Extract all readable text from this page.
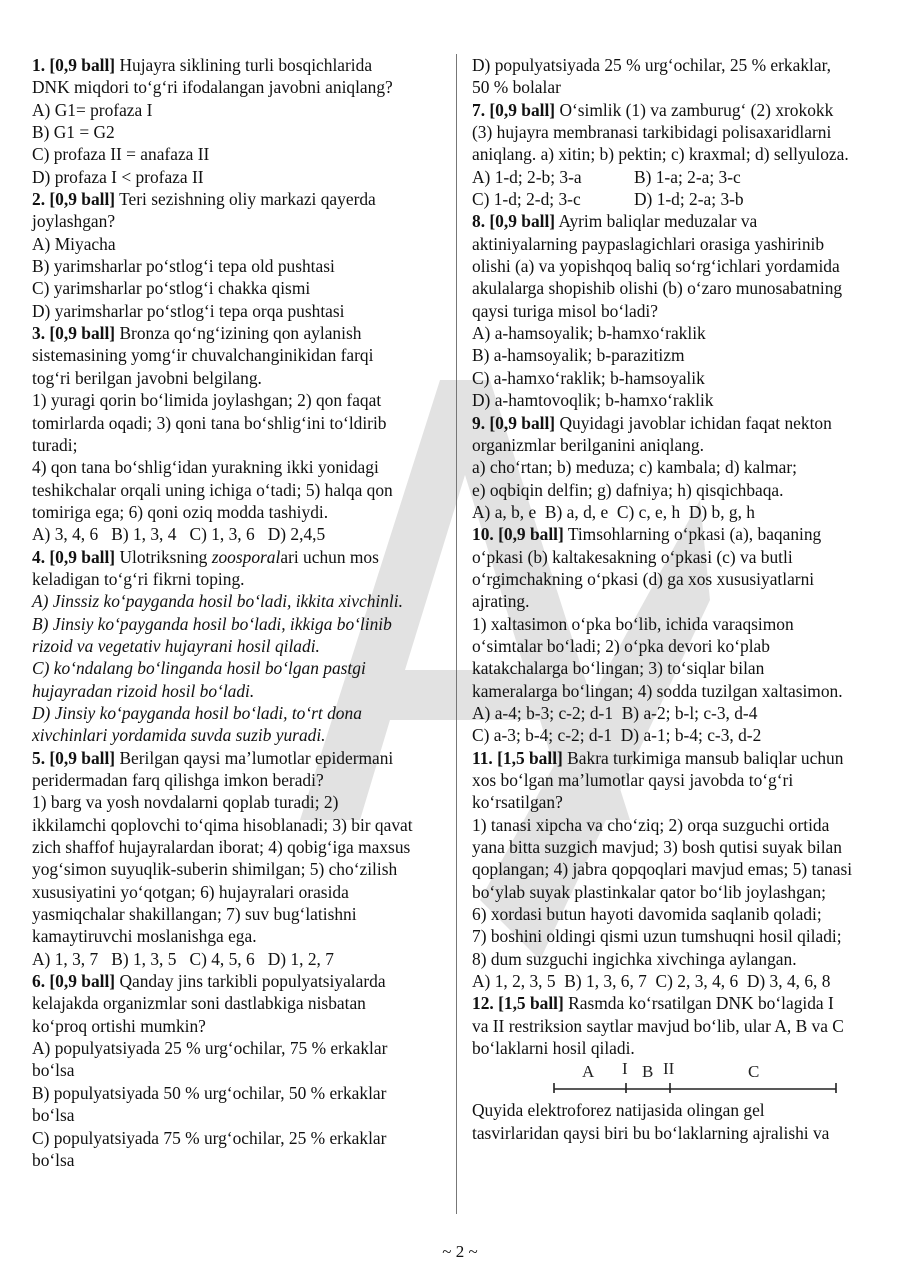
1. [0,9 ball] Hujayra siklining turli bosqichlarida
DNK miqdori to‘g‘ri ifodalangan javobni aniqlang?
A) G1= profaza I
B) G1 = G2
C) profaza II = anafaza II
D) profaza I < profaza II
2. [0,9 ball] Teri sezishning oliy markazi qayerda
joylashgan?
A) Miyacha
B) yarimsharlar po‘stlog‘i tepa old pushtasi
C) yarimsharlar po‘stlog‘i chakka qismi
D) yarimsharlar po‘stlog‘i tepa orqa pushtasi
3. [0,9 ball] Bronza qo‘ng‘izining qon aylanish
sistemasining yomg‘ir chuvalchanginikidan farqi
tog‘ri berilgan javobni belgilang.
1) yuragi qorin bo‘limida joylashgan; 2) qon faqat
tomirlarda oqadi; 3) qoni tana bo‘shlig‘ini to‘ldirib
turadi;
4) qon tana bo‘shlig‘idan yurakning ikki yonidagi
teshikchalar orqali uning ichiga o‘tadi; 5) halqa qon
tomiriga ega; 6) qoni oziq modda tashiydi.
A) 3, 4, 6   B) 1, 3, 4   C) 1, 3, 6   D) 2,4,5
4. [0,9 ball] Ulotriksning zoosporalari uchun mos
keladigan to‘g‘ri fikrni toping.
A) Jinssiz ko‘payganda hosil bo‘ladi, ikkita xivchinli.
B) Jinsiy ko‘payganda hosil bo‘ladi, ikkiga bo‘linib
rizoid va vegetativ hujayrani hosil qiladi.
C) ko‘ndalang bo‘linganda hosil bo‘lgan pastgi
hujayradan rizoid hosil bo‘ladi.
D) Jinsiy ko‘payganda hosil bo‘ladi, to‘rt dona
xivchinlari yordamida suvda suzib yuradi.
5. [0,9 ball] Berilgan qaysi ma’lumotlar epidermani
peridermadan farq qilishga imkon beradi?
1) barg va yosh novdalarni qoplab turadi; 2)
ikkilamchi qoplovchi to‘qima hisoblanadi; 3) bir qavat
zich shaffof hujayralardan iborat; 4) qobig‘iga maxsus
yog‘simon suyuqlik-suberin shimilgan; 5) cho‘zilish
xususiyatini yo‘qotgan; 6) hujayralari orasida
yasmiqchalar shakillangan; 7) suv bug‘latishni
kamaytiruvchi moslanishga ega.
A) 1, 3, 7   B) 1, 3, 5   C) 4, 5, 6   D) 1, 2, 7
6. [0,9 ball] Qanday jins tarkibli populyatsiyalarda
kelajakda organizmlar soni dastlabkiga nisbatan
ko‘proq ortishi mumkin?
A) populyatsiyada 25 % urg‘ochilar, 75 % erkaklar
bo‘lsa
B) populyatsiyada 50 % urg‘ochilar, 50 % erkaklar
bo‘lsa
C) populyatsiyada 75 % urg‘ochilar, 25 % erkaklar
bo‘lsa
D) populyatsiyada 25 % urg‘ochilar, 25 % erkaklar,
50 % bolalar
7. [0,9 ball] O‘simlik (1) va zamburug‘ (2) xrokokk
(3) hujayra membranasi tarkibidagi polisaxaridlarni
aniqlang. a) xitin; b) pektin; c) kraxmal; d) sellyuloza.
A) 1-d; 2-b; 3-a	B) 1-a; 2-a; 3-c
C) 1-d; 2-d; 3-c	D) 1-d; 2-a; 3-b
8. [0,9 ball] Ayrim baliqlar meduzalar va
aktiniyalarning paypaslagichlari orasiga yashirinib
olishi (a) va yopishqoq baliq so‘rg‘ichlari yordamida
akulalarga shopishib olishi (b) o‘zaro munosabatning
qaysi turiga misol bo‘ladi?
A) a-hamsoyalik; b-hamxo‘raklik
B) a-hamsoyalik; b-parazitizm
C) a-hamxo‘raklik; b-hamsoyalik
D) a-hamtovoqlik; b-hamxo‘raklik
9. [0,9 ball] Quyidagi javoblar ichidan faqat nekton
organizmlar berilganini aniqlang.
a) cho‘rtan; b) meduza; c) kambala; d) kalmar;
e) oqbiqin delfin; g) dafniya; h) qisqichbaqa.
A) a, b, e  B) a, d, e  C) c, e, h  D) b, g, h
10. [0,9 ball] Timsohlarning o‘pkasi (a), baqaning
o‘pkasi (b) kaltakesakning o‘pkasi (c) va butli
o‘rgimchakning o‘pkasi (d) ga xos xususiyatlarni
ajrating.
1) xaltasimon o‘pka bo‘lib, ichida varaqsimon
o‘simtalar bo‘ladi; 2) o‘pka devori ko‘plab
katakchalarga bo‘lingan; 3) to‘siqlar bilan
kameralarga bo‘lingan; 4) sodda tuzilgan xaltasimon.
A) a-4; b-3; c-2; d-1  B) a-2; b-l; c-3, d-4
C) a-3; b-4; c-2; d-1  D) a-1; b-4; c-3, d-2
11. [1,5 ball] Bakra turkimiga mansub baliqlar uchun
xos bo‘lgan ma’lumotlar qaysi javobda to‘g‘ri
ko‘rsatilgan?
1) tanasi xipcha va cho‘ziq; 2) orqa suzguchi ortida
yana bitta suzgich mavjud; 3) bosh qutisi suyak bilan
qoplangan; 4) jabra qopqoqlari mavjud emas; 5) tanasi
bo‘ylab suyak plastinkalar qator bo‘lib joylashgan;
6) xordasi butun hayoti davomida saqlanib qoladi;
7) boshini oldingi qismi uzun tumshuqni hosil qiladi;
8) dum suzguchi ingichka xivchinga aylangan.
A) 1, 2, 3, 5  B) 1, 3, 6, 7  C) 2, 3, 4, 6  D) 3, 4, 6, 8
12. [1,5 ball] Rasmda ko‘rsatilgan DNK bo‘lagida I
va II restriksion saytlar mavjud bo‘lib, ular A, B va C
bo‘laklarni hosil qiladi.
A I B II	C
Quyida elektroforez natijasida olingan gel
tasvirlaridan qaysi biri bu bo‘laklarning ajralishi va
~ 2 ~
